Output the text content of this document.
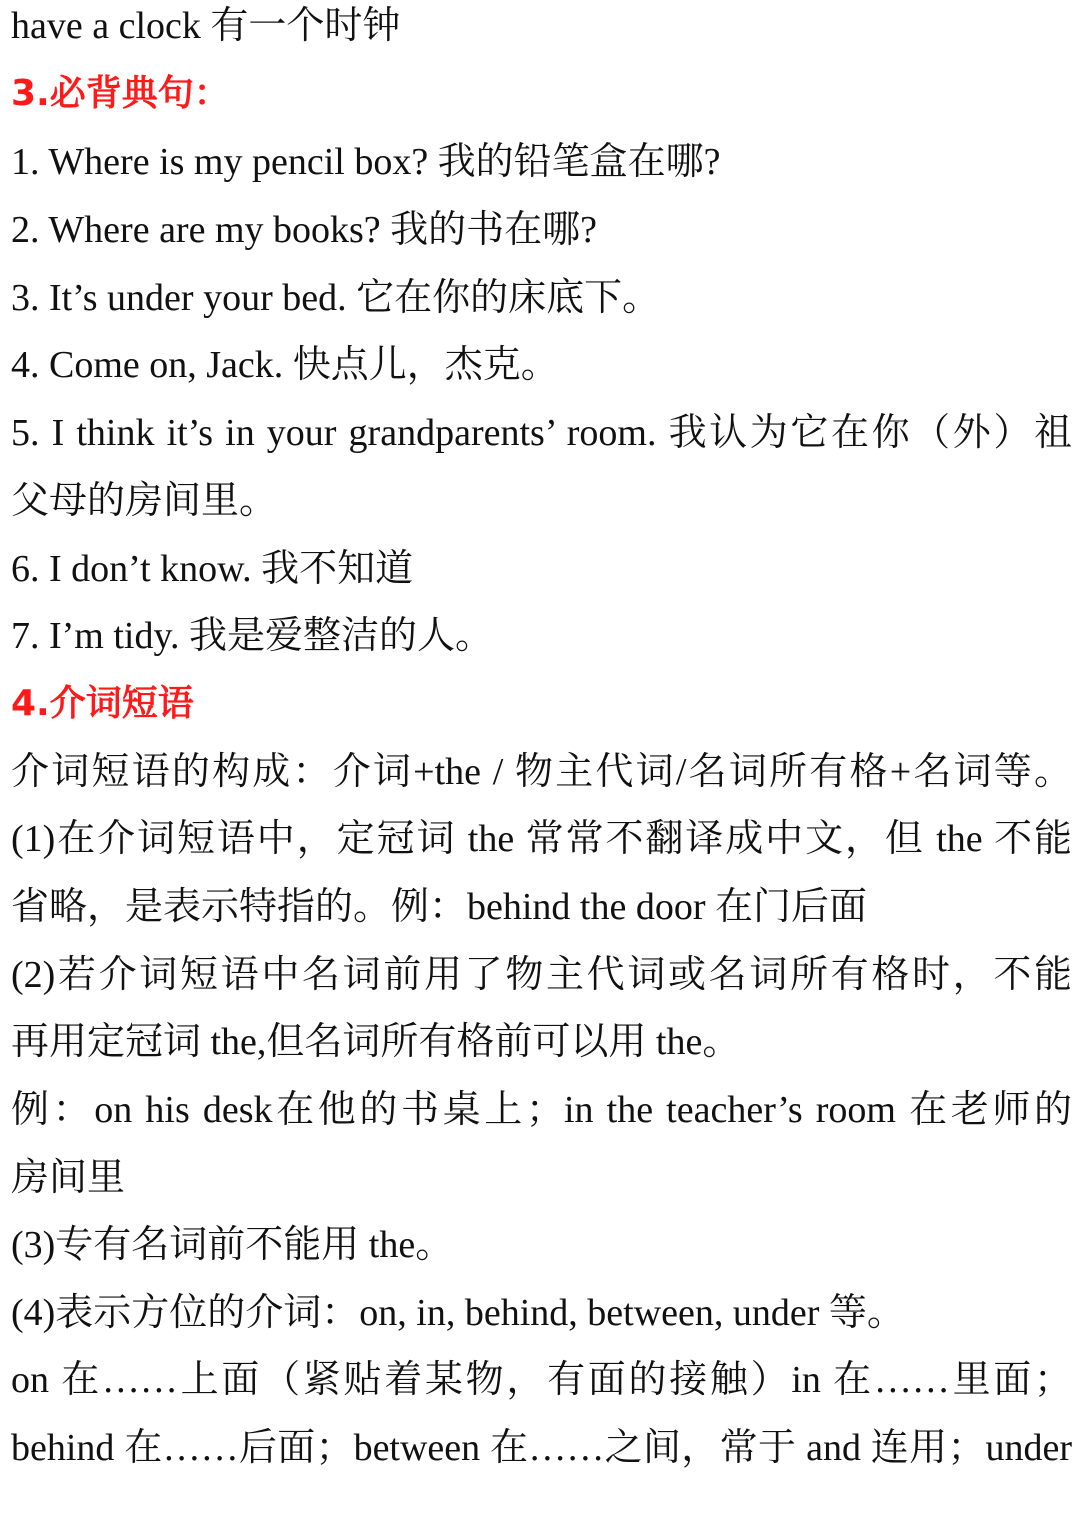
have a clock 有一个时钟
3.必背典句：
1. Where is my pencil box? 我的铅笔盒在哪?
2. Where are my books? 我的书在哪?
3. It’s under your bed. 它在你的床底下。
4. Come on, Jack. 快点儿，杰克。
5. I think it’s in your grandparents’ room. 我认为它在你（外）祖
父母的房间里。
6. I don’t know. 我不知道
7. I’m tidy. 我是爱整洁的人。
4.介词短语
介词短语的构成：介词+the / 物主代词/名词所有格+名词等。
(1)在介词短语中，定冠词 the 常常不翻译成中文，但 the 不能
省略，是表示特指的。例：behind the door 在门后面
(2)若介词短语中名词前用了物主代词或名词所有格时，不能
再用定冠词 the,但名词所有格前可以用 the。
例：on his desk在他的书桌上；in the teacher’s room 在老师的
房间里
(3)专有名词前不能用 the。
(4)表示方位的介词：on, in, behind, between, under 等。
on 在……上面（紧贴着某物，有面的接触）in 在……里面；
behind 在……后面；between 在……之间，常于 and 连用；under
